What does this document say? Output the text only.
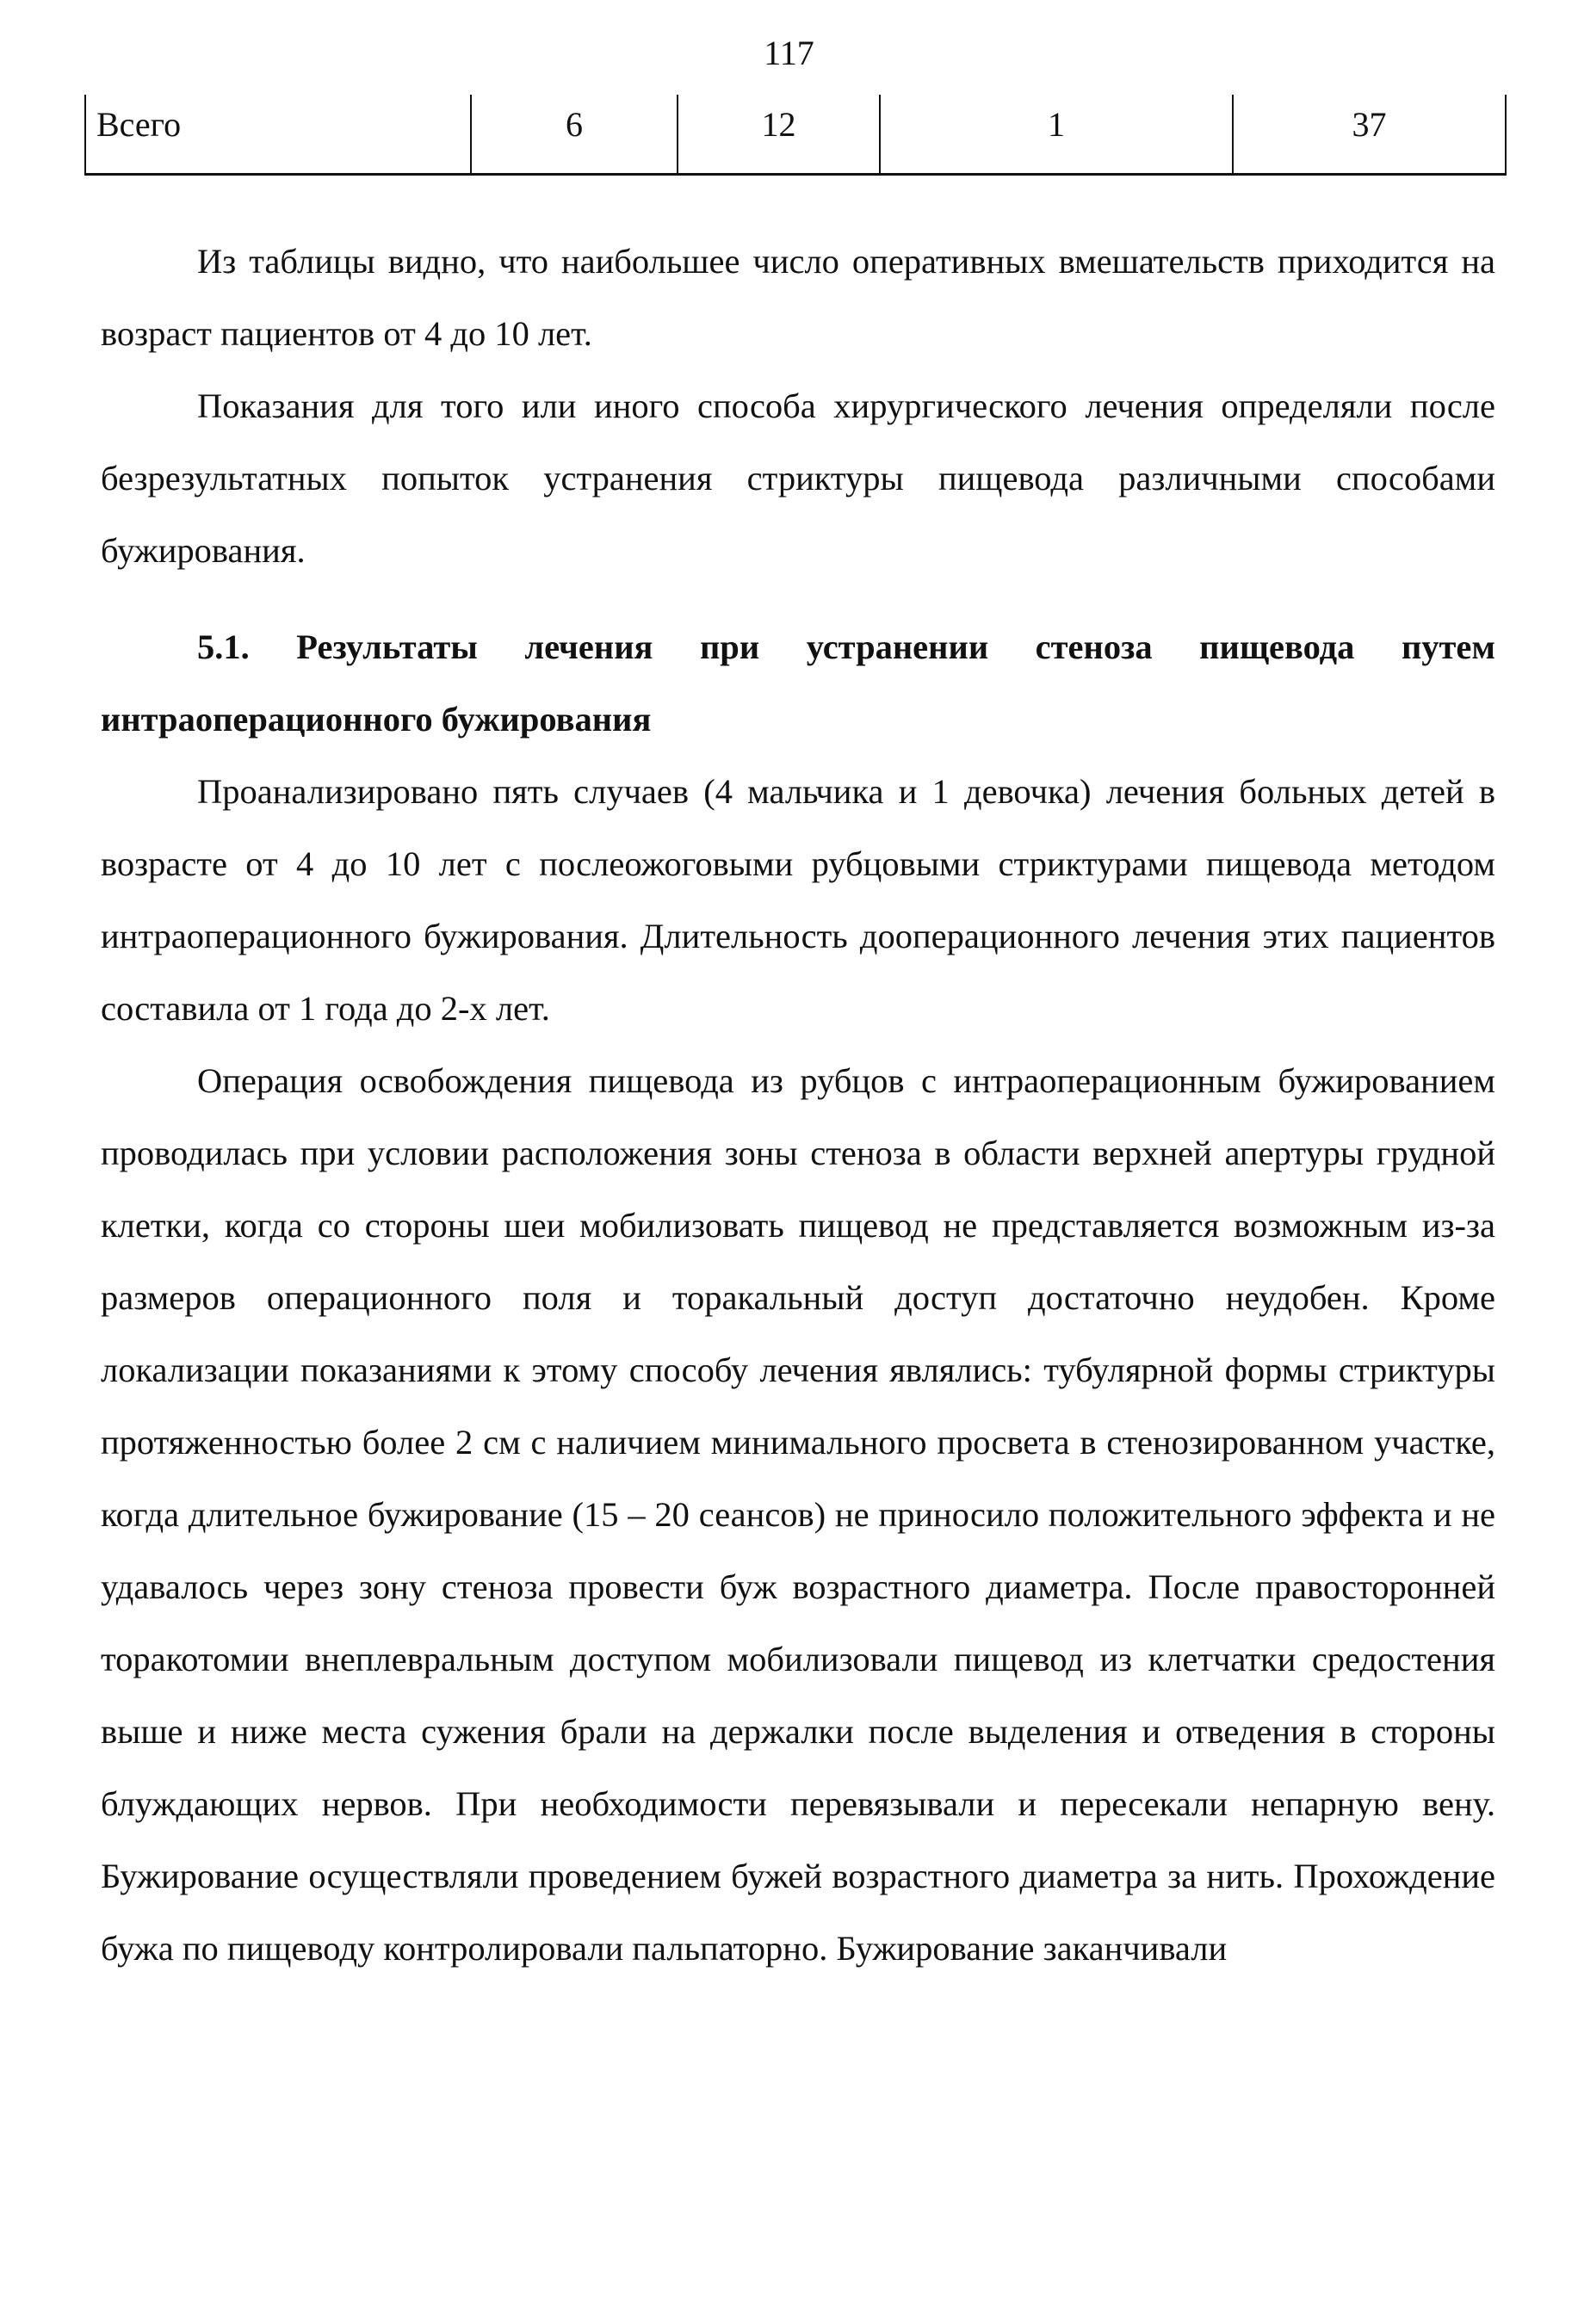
117
Всего	6	12	1	37

Из таблицы видно, что наибольшее число оперативных вмешательств приходится на возраст пациентов от 4 до 10 лет.

Показания для того или иного способа хирургического лечения определяли после безрезультатных попыток устранения стриктуры пищевода различными способами бужирования.

5.1. Результаты лечения при устранении стеноза пищевода путем интраоперационного бужирования

Проанализировано пять случаев (4 мальчика и 1 девочка) лечения больных детей в возрасте от 4 до 10 лет с послеожоговыми рубцовыми стриктурами пищевода методом интраоперационного бужирования. Длительность дооперационного лечения этих пациентов составила от 1 года до 2-х лет.

Операция освобождения пищевода из рубцов с интраоперационным бужированием проводилась при условии расположения зоны стеноза в области верхней апертуры грудной клетки, когда со стороны шеи мобилизовать пищевод не представляется возможным из-за размеров операционного поля и торакальный доступ достаточно неудобен. Кроме локализации показаниями к этому способу лечения являлись: тубулярной формы стриктуры протяженностью более 2 см с наличием минимального просвета в стенозированном участке, когда длительное бужирование (15 – 20 сеансов) не приносило положительного эффекта и не удавалось через зону стеноза провести буж возрастного диаметра. После правосторонней торакотомии внеплевральным доступом мобилизовали пищевод из клетчатки средостения выше и ниже места сужения брали на держалки после выделения и отведения в стороны блуждающих нервов. При необходимости перевязывали и пересекали непарную вену. Бужирование осуществляли проведением бужей возрастного диаметра за нить. Прохождение бужа по пищеводу контролировали пальпаторно. Бужирование заканчивали
